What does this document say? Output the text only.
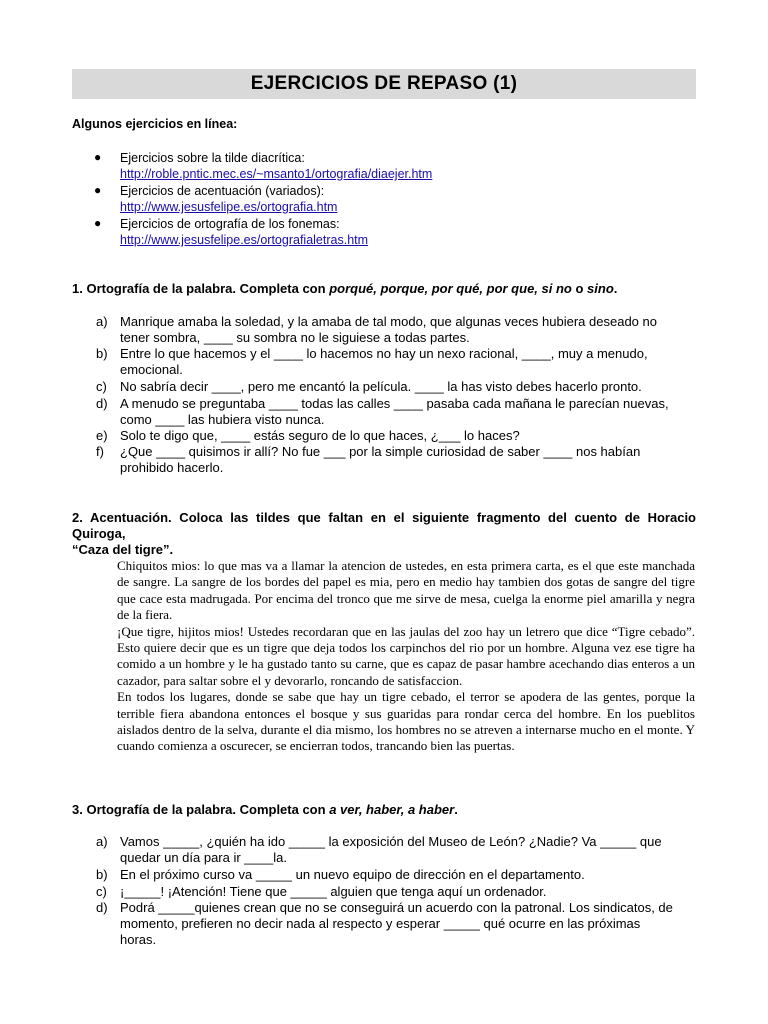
EJERCICIOS DE REPASO (1)
Algunos ejercicios en línea:
● Ejercicios sobre la tilde diacrítica:
http://roble.pntic.mec.es/~msanto1/ortografia/diaejer.htm
● Ejercicios de acentuación (variados):
http://www.jesusfelipe.es/ortografia.htm
● Ejercicios de ortografía de los fonemas:
http://www.jesusfelipe.es/ortografialetras.htm
1. Ortografía de la palabra. Completa con porqué, porque, por qué, por que, si no o sino.
a) Manrique amaba la soledad, y la amaba de tal modo, que algunas veces hubiera deseado no
tener sombra, ____ su sombra no le siguiese a todas partes.
b) Entre lo que hacemos y el ____ lo hacemos no hay un nexo racional, ____, muy a menudo,
emocional.
c) No sabría decir ____, pero me encantó la película. ____ la has visto debes hacerlo pronto.
d) A menudo se preguntaba ____ todas las calles ____ pasaba cada mañana le parecían nuevas,
como ____ las hubiera visto nunca.
e) Solo te digo que, ____ estás seguro de lo que haces, ¿___ lo haces?
f) ¿Que ____ quisimos ir allí? No fue ___ por la simple curiosidad de saber ____ nos habían
prohibido hacerlo.
2. Acentuación. Coloca las tildes que faltan en el siguiente fragmento del cuento de Horacio Quiroga,
“Caza del tigre”.

Chiquitos mios: lo que mas va a llamar la atencion de ustedes, en esta primera carta, es el que este manchada de sangre. La sangre de los bordes del papel es mia, pero en medio hay tambien dos gotas de sangre del tigre que cace esta madrugada. Por encima del tronco que me sirve de mesa, cuelga la enorme piel amarilla y negra de la fiera.

¡Que tigre, hijitos mios! Ustedes recordaran que en las jaulas del zoo hay un letrero que dice “Tigre cebado”. Esto quiere decir que es un tigre que deja todos los carpinchos del rio por un hombre. Alguna vez ese tigre ha comido a un hombre y le ha gustado tanto su carne, que es capaz de pasar hambre acechando dias enteros a un cazador, para saltar sobre el y devorarlo, roncando de satisfaccion.

En todos los lugares, donde se sabe que hay un tigre cebado, el terror se apodera de las gentes, porque la terrible fiera abandona entonces el bosque y sus guaridas para rondar cerca del hombre. En los pueblitos aislados dentro de la selva, durante el dia mismo, los hombres no se atreven a internarse mucho en el monte. Y cuando comienza a oscurecer, se encierran todos, trancando bien las puertas.

3. Ortografía de la palabra. Completa con a ver, haber, a haber.
a) Vamos _____, ¿quién ha ido _____ la exposición del Museo de León? ¿Nadie? Va _____ que
quedar un día para ir ____la.
b) En el próximo curso va _____ un nuevo equipo de dirección en el departamento.
c) ¡_____! ¡Atención! Tiene que _____ alguien que tenga aquí un ordenador.
d) Podrá _____quienes crean que no se conseguirá un acuerdo con la patronal. Los sindicatos, de
momento, prefieren no decir nada al respecto y esperar _____ qué ocurre en las próximas
horas.
